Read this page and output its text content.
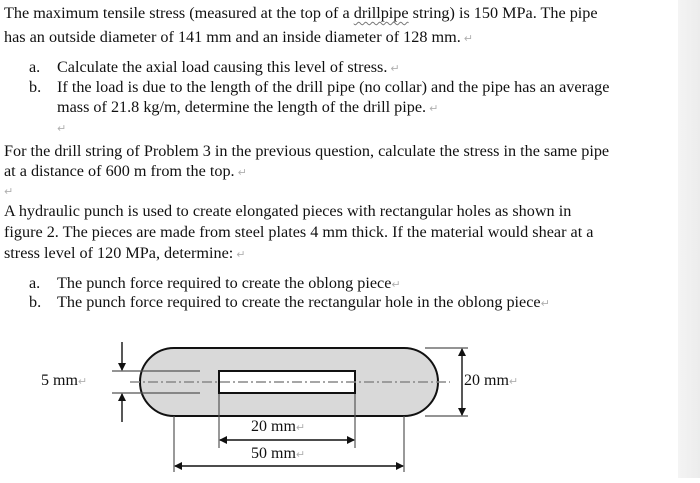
The maximum tensile stress (measured at the top of a drillpipe string) is 150 MPa. The pipe
has an outside diameter of 141 mm and an inside diameter of 128 mm. ↵
a. Calculate the axial load causing this level of stress. ↵
b. If the load is due to the length of the drill pipe (no collar) and the pipe has an average
mass of 21.8 kg/m, determine the length of the drill pipe. ↵
↵
For the drill string of Problem 3 in the previous question, calculate the stress in the same pipe
at a distance of 600 m from the top. ↵
↵
A hydraulic punch is used to create elongated pieces with rectangular holes as shown in
figure 2. The pieces are made from steel plates 4 mm thick. If the material would shear at a
stress level of 120 MPa, determine: ↵
a. The punch force required to create the oblong piece↵
b. The punch force required to create the rectangular hole in the oblong piece↵
5 mm↵	20 mm↵
20 mm↵
50 mm↵
